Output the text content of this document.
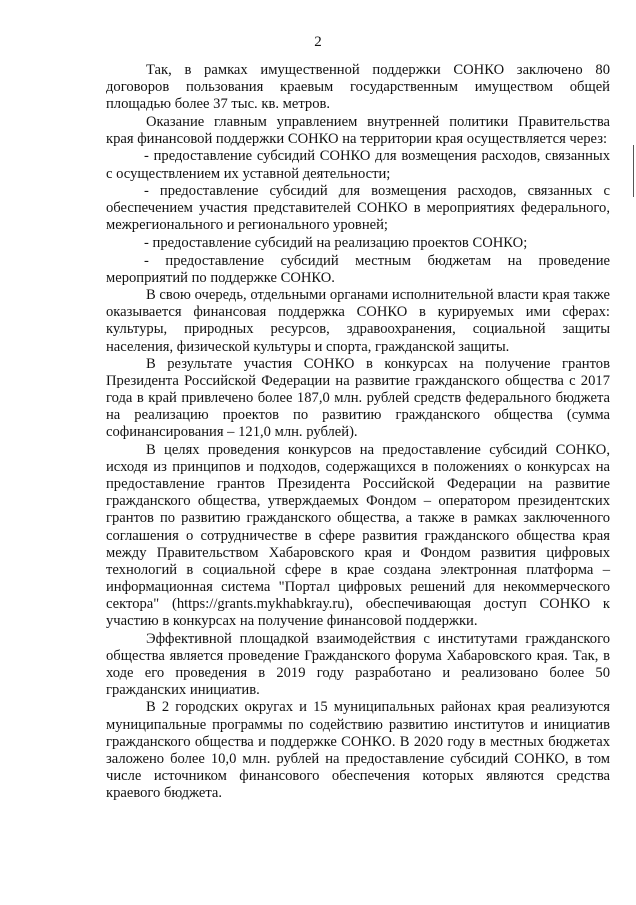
2

Так, в рамках имущественной поддержки СОНКО заключено 80 договоров пользования краевым государственным имуществом общей площадью более 37 тыс. кв. метров.

Оказание главным управлением внутренней политики Правительства края финансовой поддержки СОНКО на территории края осуществляется через:

- предоставление субсидий СОНКО для возмещения расходов, связанных с осуществлением их уставной деятельности;

- предоставление субсидий для возмещения расходов, связанных с обеспечением участия представителей СОНКО в мероприятиях федерального, межрегионального и регионального уровней;

- предоставление субсидий на реализацию проектов СОНКО;

- предоставление субсидий местным бюджетам на проведение мероприятий по поддержке СОНКО.

В свою очередь, отдельными органами исполнительной власти края также оказывается финансовая поддержка СОНКО в курируемых ими сферах: культуры, природных ресурсов, здравоохранения, социальной защиты населения, физической культуры и спорта, гражданской защиты.

В результате участия СОНКО в конкурсах на получение грантов Президента Российской Федерации на развитие гражданского общества с 2017 года в край привлечено более 187,0 млн. рублей средств федерального бюджета на реализацию проектов по развитию гражданского общества (сумма софинансирования – 121,0 млн. рублей).

В целях проведения конкурсов на предоставление субсидий СОНКО, исходя из принципов и подходов, содержащихся в положениях о конкурсах на предоставление грантов Президента Российской Федерации на развитие гражданского общества, утверждаемых Фондом – оператором президентских грантов по развитию гражданского общества, а также в рамках заключенного соглашения о сотрудничестве в сфере развития гражданского общества края между Правительством Хабаровского края и Фондом развития цифровых технологий в социальной сфере в крае создана электронная платформа – информационная система "Портал цифровых решений для некоммерческого сектора" (https://grants.mykhabkray.ru), обеспечивающая доступ СОНКО к участию в конкурсах на получение финансовой поддержки.

Эффективной площадкой взаимодействия с институтами гражданского общества является проведение Гражданского форума Хабаровского края. Так, в ходе его проведения в 2019 году разработано и реализовано более 50 гражданских инициатив.

В 2 городских округах и 15 муниципальных районах края реализуются муниципальные программы по содействию развитию институтов и инициатив гражданского общества и поддержке СОНКО. В 2020 году в местных бюджетах заложено более 10,0 млн. рублей на предоставление субсидий СОНКО, в том числе источником финансового обеспечения которых являются средства краевого бюджета.
